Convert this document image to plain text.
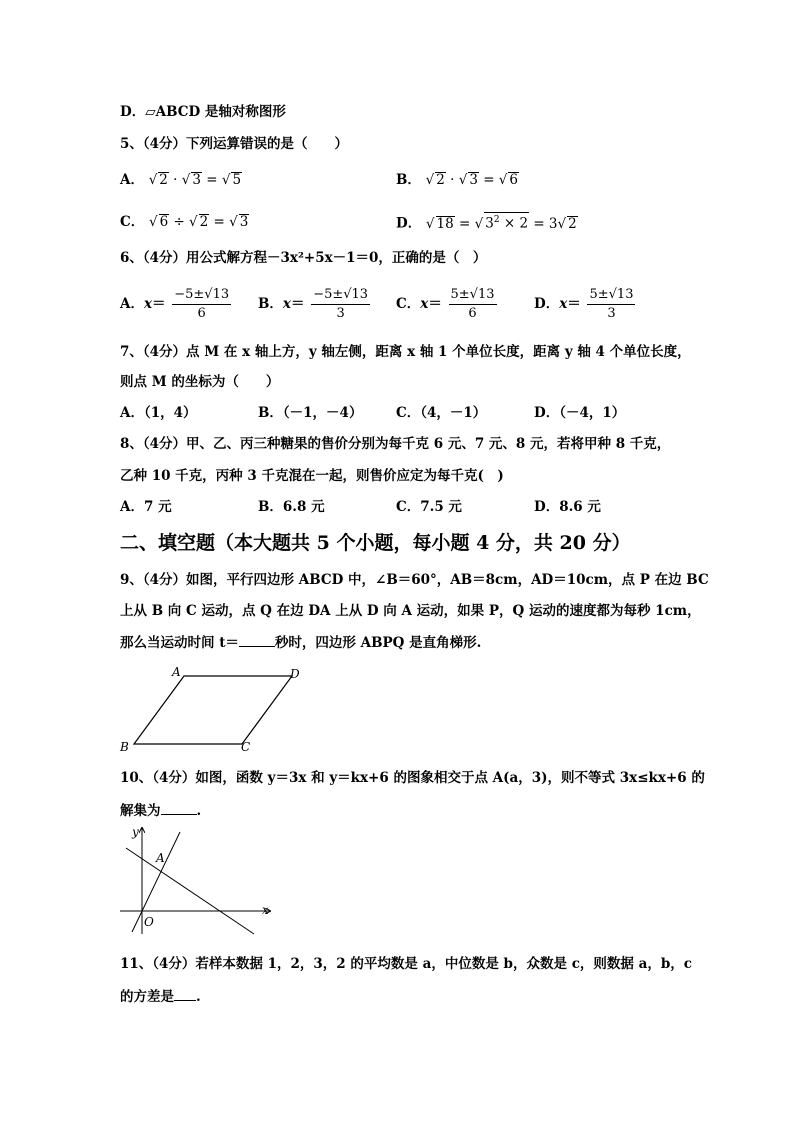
D．▱ABCD 是轴对称图形
5、（4分）下列运算错误的是（　　）
A． √ 2 · √ 3 = √ 5	B． √ 2 · √ 3 = √ 6
C． √ 6 ÷ √ 2 = √ 3	D． √ 18 = √ $3^2 \times 2 = 3√$ 2
6、（4分）用公式解方程－3x²+5x－1＝0，正确的是（　）
A．$x= \frac{-5\pm√13}{6}$ B．$x= \frac{-5\pm√13}{3}$ C．$x= \frac{5\pm√13}{6}$	D．$x= \frac{5\pm√13}{3}$
7、（4分）点 M 在 x 轴上方，y 轴左侧，距离 x 轴 1 个单位长度，距离 y 轴 4 个单位长度，
则点 M 的坐标为（　　）
A．（1，4）	B．（－1，－4） C．（4，－1）	D．（－4，1）
8、（4分）甲、乙、丙三种糖果的售价分别为每千克 6 元、7 元、8 元，若将甲种 8 千克，
乙种 10 千克，丙种 3 千克混在一起，则售价应定为每千克(　)
A．7 元	B．6.8 元	C．7.5 元	D．8.6 元
二、填空题（本大题共 5 个小题，每小题 4 分，共 20 分）
9、（4分）如图，平行四边形 ABCD 中，∠B＝60°，AB＝8cm，AD＝10cm，点 P 在边 BC
上从 B 向 C 运动，点 Q 在边 DA 上从 D 向 A 运动，如果 P，Q 运动的速度都为每秒 1cm，
那么当运动时间 t＝	秒时，四边形 ABPQ 是直角梯形.
A	D
B	C
10、（4分）如图，函数 y＝3x 和 y＝kx+6 的图象相交于点 A(a，3)，则不等式 3x≤kx+6 的
解集为	.
y
x
A
O
11、（4分）若样本数据 1，2，3，2 的平均数是 a，中位数是 b，众数是 c，则数据 a，b，c
的方差是 .
